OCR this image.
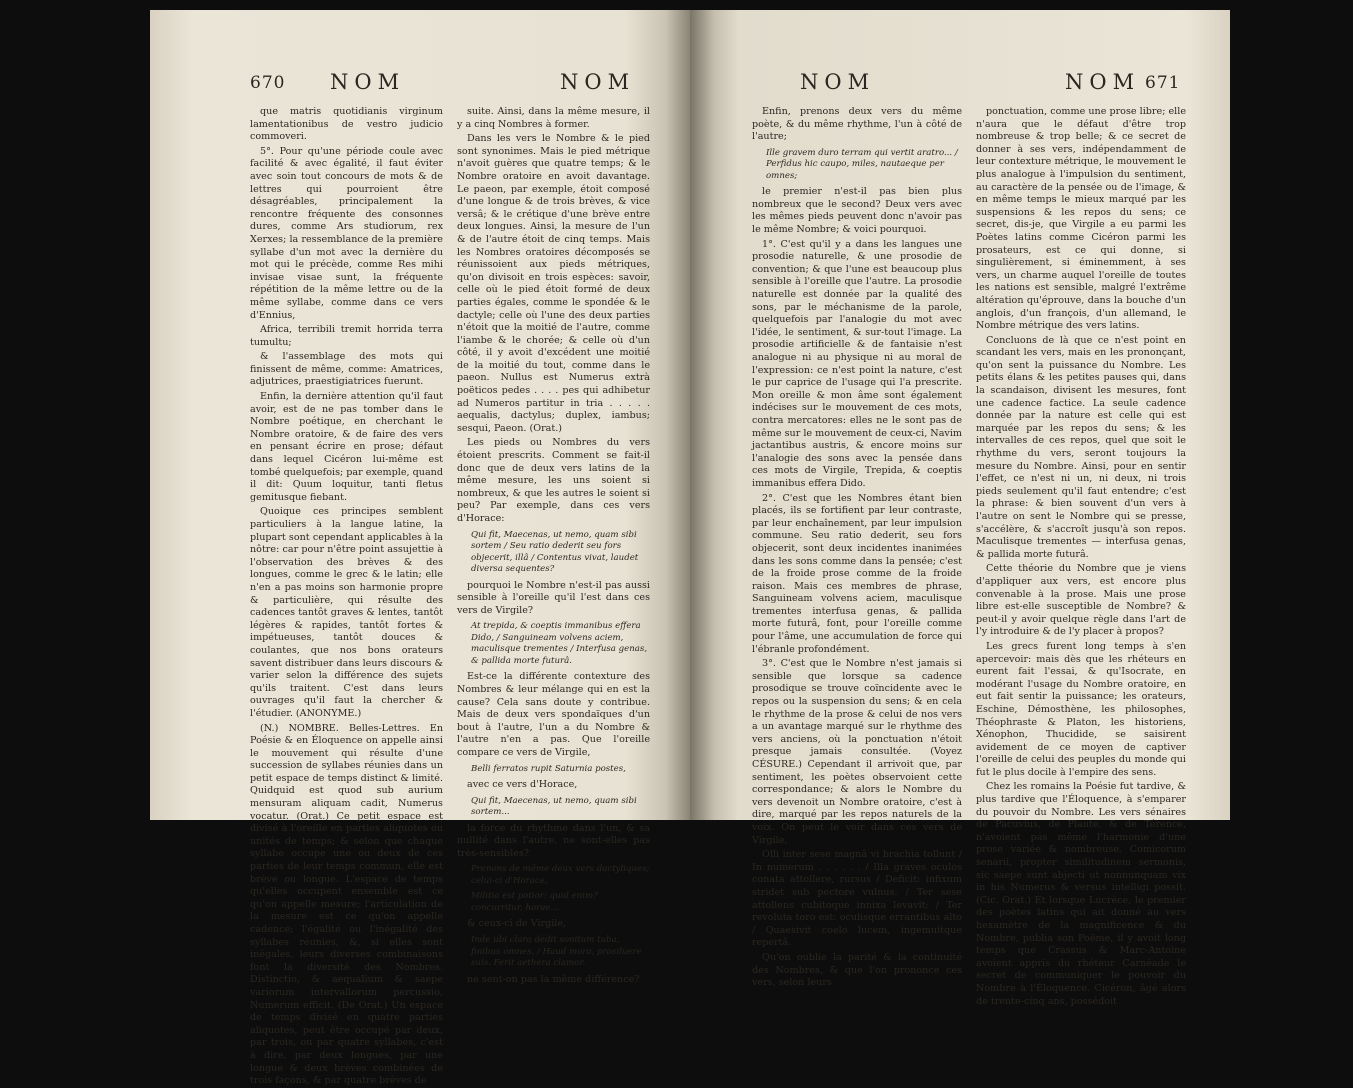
670 NOM	NOM

que matris quotidianis virginum lamentationibus de vestro judicio commoveri.

5°. Pour qu'une période coule avec facilité & avec égalité, il faut éviter avec soin tout concours de mots & de lettres qui pourroient être désagréables, principalement la rencontre fréquente des consonnes dures, comme Ars studiorum, rex Xerxes; la ressemblance de la première syllabe d'un mot avec la dernière du mot qui le précède, comme Res mihi invisae visae sunt, la fréquente répétition de la même lettre ou de la même syllabe, comme dans ce vers d'Ennius,

Africa, terribili tremit horrida terra tumultu;

& l'assemblage des mots qui finissent de même, comme: Amatrices, adjutrices, praestigiatrices fuerunt.

Enfin, la dernière attention qu'il faut avoir, est de ne pas tomber dans le Nombre poétique, en cherchant le Nombre oratoire, & de faire des vers en pensant écrire en prose; défaut dans lequel Cicéron lui-même est tombé quelquefois; par exemple, quand il dit: Quum loquitur, tanti fletus gemitusque fiebant.

Quoique ces principes semblent particuliers à la langue latine, la plupart sont cependant applicables à la nôtre: car pour n'être point assujettie à l'observation des brèves & des longues, comme le grec & le latin; elle n'en a pas moins son harmonie propre & particulière, qui résulte des cadences tantôt graves & lentes, tantôt légères & rapides, tantôt fortes & impétueuses, tantôt douces & coulantes, que nos bons orateurs savent distribuer dans leurs discours & varier selon la différence des sujets qu'ils traitent. C'est dans leurs ouvrages qu'il faut la chercher & l'étudier. (ANONYME.)

(N.) NOMBRE. Belles-Lettres. En Poésie & en Éloquence on appelle ainsi le mouvement qui résulte d'une succession de syllabes réunies dans un petit espace de temps distinct & limité. Quidquid est quod sub aurium mensuram aliquam cadit, Numerus vocatur. (Orat.) Ce petit espace est divisé à l'oreille en parties aliquotes ou unités de temps; & selon que chaque syllabe occupe une ou deux de ces parties de leur temps commun, elle est brève ou longue. L'espace de temps qu'elles occupent ensemble est ce qu'on appelle mesure; l'articulation de la mesure est ce qu'on appelle cadence; l'égalité ou l'inégalité des syllabes réunies, &, si elles sont inégales, leurs diverses combinaisons font la diversité des Nombres. Distinctio, & aequalium & saepe variorum intervallorum percussio, Numerum efficit. (De Orat.) Un espace de temps divisé en quatre parties aliquotes, peut être occupé par deux, par trois, ou par quatre syllabes, c'est à dire, par deux longues, par une longue & deux brèves combinées de trois façons, & par quatre brèves de

suite. Ainsi, dans la même mesure, il y a cinq Nombres à former.

Dans les vers le Nombre & le pied sont synonimes. Mais le pied métrique n'avoit guères que quatre temps; & le Nombre oratoire en avoit davantage. Le paeon, par exemple, étoit composé d'une longue & de trois brèves, & vice versâ; & le crétique d'une brève entre deux longues. Ainsi, la mesure de l'un & de l'autre étoit de cinq temps. Mais les Nombres oratoires décomposés se réunissoient aux pieds métriques, qu'on divisoit en trois espèces: savoir, celle où le pied étoit formé de deux parties égales, comme le spondée & le dactyle; celle où l'une des deux parties n'étoit que la moitié de l'autre, comme l'iambe & le chorée; & celle où d'un côté, il y avoit d'excédent une moitié de la moitié du tout, comme dans le paeon. Nullus est Numerus extrà poëticos pedes . . . . pes qui adhibetur ad Numeros partitur in tria . . . . . aequalis, dactylus; duplex, iambus; sesqui, Paeon. (Orat.)

Les pieds ou Nombres du vers étoient prescrits. Comment se fait-il donc que de deux vers latins de la même mesure, les uns soient si nombreux, & que les autres le soient si peu? Par exemple, dans ces vers d'Horace:

Qui fit, Maecenas, ut nemo, quam sibi sortem / Seu ratio dederit seu fors objecerit, illâ / Contentus vivat, laudet diversa sequentes?

pourquoi le Nombre n'est-il pas aussi sensible à l'oreille qu'il l'est dans ces vers de Virgile?

At trepida, & coeptis immanibus effera Dido, / Sanguineam volvens aciem, maculisque trementes / Interfusa genas, & pallida morte futurâ.

Est-ce la différente contexture des Nombres & leur mélange qui en est la cause? Cela sans doute y contribue. Mais de deux vers spondaïques d'un bout à l'autre, l'un a du Nombre & l'autre n'en a pas. Que l'oreille compare ce vers de Virgile,

Belli ferratos rupit Saturnia postes,

avec ce vers d'Horace,

Qui fit, Maecenas, ut nemo, quam sibi sortem...

la force du rhythme dans l'un, & sa nullité dans l'autre, ne sont-elles pas très-sensibles?

Prenons de même deux vers dactyliques; celui-ci d'Horace,

Militia est potior: quid enim? concurritur, horae...

& ceux-ci de Virgile,

Inde ubi clara dedit sonitum tuba, finibus omnes, / Haud mora, prosiluere suis. Ferit aethera clamor.

ne sent-on pas la même différence?

NOM	NOM 671

Enfin, prenons deux vers du même poète, & du même rhythme, l'un à côté de l'autre;

Ille gravem duro terram qui vertit aratro... / Perfidus hic caupo, miles, nautaeque per omnes;

le premier n'est-il pas bien plus nombreux que le second? Deux vers avec les mêmes pieds peuvent donc n'avoir pas le même Nombre; & voici pourquoi.

1°. C'est qu'il y a dans les langues une prosodie naturelle, & une prosodie de convention; & que l'une est beaucoup plus sensible à l'oreille que l'autre. La prosodie naturelle est donnée par la qualité des sons, par le méchanisme de la parole, quelquefois par l'analogie du mot avec l'idée, le sentiment, & sur-tout l'image. La prosodie artificielle & de fantaisie n'est analogue ni au physique ni au moral de l'expression: ce n'est point la nature, c'est le pur caprice de l'usage qui l'a prescrite. Mon oreille & mon âme sont également indécises sur le mouvement de ces mots, contra mercatores: elles ne le sont pas de même sur le mouvement de ceux-ci, Navim jactantibus austris, & encore moins sur l'analogie des sons avec la pensée dans ces mots de Virgile, Trepida, & coeptis immanibus effera Dido.

2°. C'est que les Nombres étant bien placés, ils se fortifient par leur contraste, par leur enchaînement, par leur impulsion commune. Seu ratio dederit, seu fors objecerit, sont deux incidentes inanimées dans les sons comme dans la pensée; c'est de la froide prose comme de la froide raison. Mais ces membres de phrase, Sanguineam volvens aciem, maculisque trementes interfusa genas, & pallida morte futurâ, font, pour l'oreille comme pour l'âme, une accumulation de force qui l'ébranle profondément.

3°. C'est que le Nombre n'est jamais si sensible que lorsque sa cadence prosodique se trouve coïncidente avec le repos ou la suspension du sens; & en cela le rhythme de la prose & celui de nos vers a un avantage marqué sur le rhythme des vers anciens, où la ponctuation n'étoit presque jamais consultée. (Voyez CÉSURE.) Cependant il arrivoit que, par sentiment, les poètes observoient cette correspondance; & alors le Nombre du vers devenoit un Nombre oratoire, c'est à dire, marqué par les repos naturels de la voix. On peut le voir dans ces vers de Virgile,

Olli inter sese magnâ vi brachia tollunt / In numerum . . . . . . / Illa graves oculos conata attollere, rursus / Deficit: infixum stridet sub pectore vulnus. / Ter sese attollens cubitoque innixa levavit; / Ter revoluta toro est: oculisque errantibus alto / Quaesivit coelo lucem, ingemuitque repertâ.

Qu'on oublie la parité & la continuité des Nombres, & que l'on prononce ces vers, selon leurs

ponctuation, comme une prose libre; elle n'aura que le défaut d'être trop nombreuse & trop belle; & ce secret de donner à ses vers, indépendamment de leur contexture métrique, le mouvement le plus analogue à l'impulsion du sentiment, au caractère de la pensée ou de l'image, & en même temps le mieux marqué par les suspensions & les repos du sens; ce secret, dis-je, que Virgile a eu parmi les Poètes latins comme Cicéron parmi les prosateurs, est ce qui donne, si singulièrement, si éminemment, à ses vers, un charme auquel l'oreille de toutes les nations est sensible, malgré l'extrême altération qu'éprouve, dans la bouche d'un anglois, d'un françois, d'un allemand, le Nombre métrique des vers latins.

Concluons de là que ce n'est point en scandant les vers, mais en les prononçant, qu'on sent la puissance du Nombre. Les petits élans & les petites pauses qui, dans la scandaison, divisent les mesures, font une cadence factice. La seule cadence donnée par la nature est celle qui est marquée par les repos du sens; & les intervalles de ces repos, quel que soit le rhythme du vers, seront toujours la mesure du Nombre. Ainsi, pour en sentir l'effet, ce n'est ni un, ni deux, ni trois pieds seulement qu'il faut entendre; c'est la phrase: & bien souvent d'un vers à l'autre on sent le Nombre qui se presse, s'accélère, & s'accroît jusqu'à son repos. Maculisque trementes — interfusa genas, & pallida morte futurâ.

Cette théorie du Nombre que je viens d'appliquer aux vers, est encore plus convenable à la prose. Mais une prose libre est-elle susceptible de Nombre? & peut-il y avoir quelque règle dans l'art de l'y introduire & de l'y placer à propos?

Les grecs furent long temps à s'en apercevoir: mais dès que les rhéteurs en eurent fait l'essai, & qu'Isocrate, en modérant l'usage du Nombre oratoire, en eut fait sentir la puissance; les orateurs, Eschine, Démosthène, les philosophes, Théophraste & Platon, les historiens, Xénophon, Thucidide, se saisirent avidement de ce moyen de captiver l'oreille de celui des peuples du monde qui fut le plus docile à l'empire des sens.

Chez les romains la Poésie fut tardive, & plus tardive que l'Éloquence, à s'emparer du pouvoir du Nombre. Les vers sénaires de Pacuvius, de Plaute, & de Térence, n'avoient pas même l'harmonie d'une prose variée & nombreuse. Comicorum senarii, propter similitudinem sermonis, sic saepe sunt abjecti ut nonnunquam vix in his Numerus & versus intelligi possit. (Cic. Orat.) Et lorsque Lucrèce, le premier des poètes latins qui ait donné au vers hexamètre de la magnificence & du Nombre, publia son Poëme, il y avoit long temps que Crassus & Marc-Antoine avoient appris du rhéteur Carnéade le secret de communiquer le pouvoir du Nombre à l'Éloquence. Cicéron, âgé alors de trente-cinq ans, possédoit
